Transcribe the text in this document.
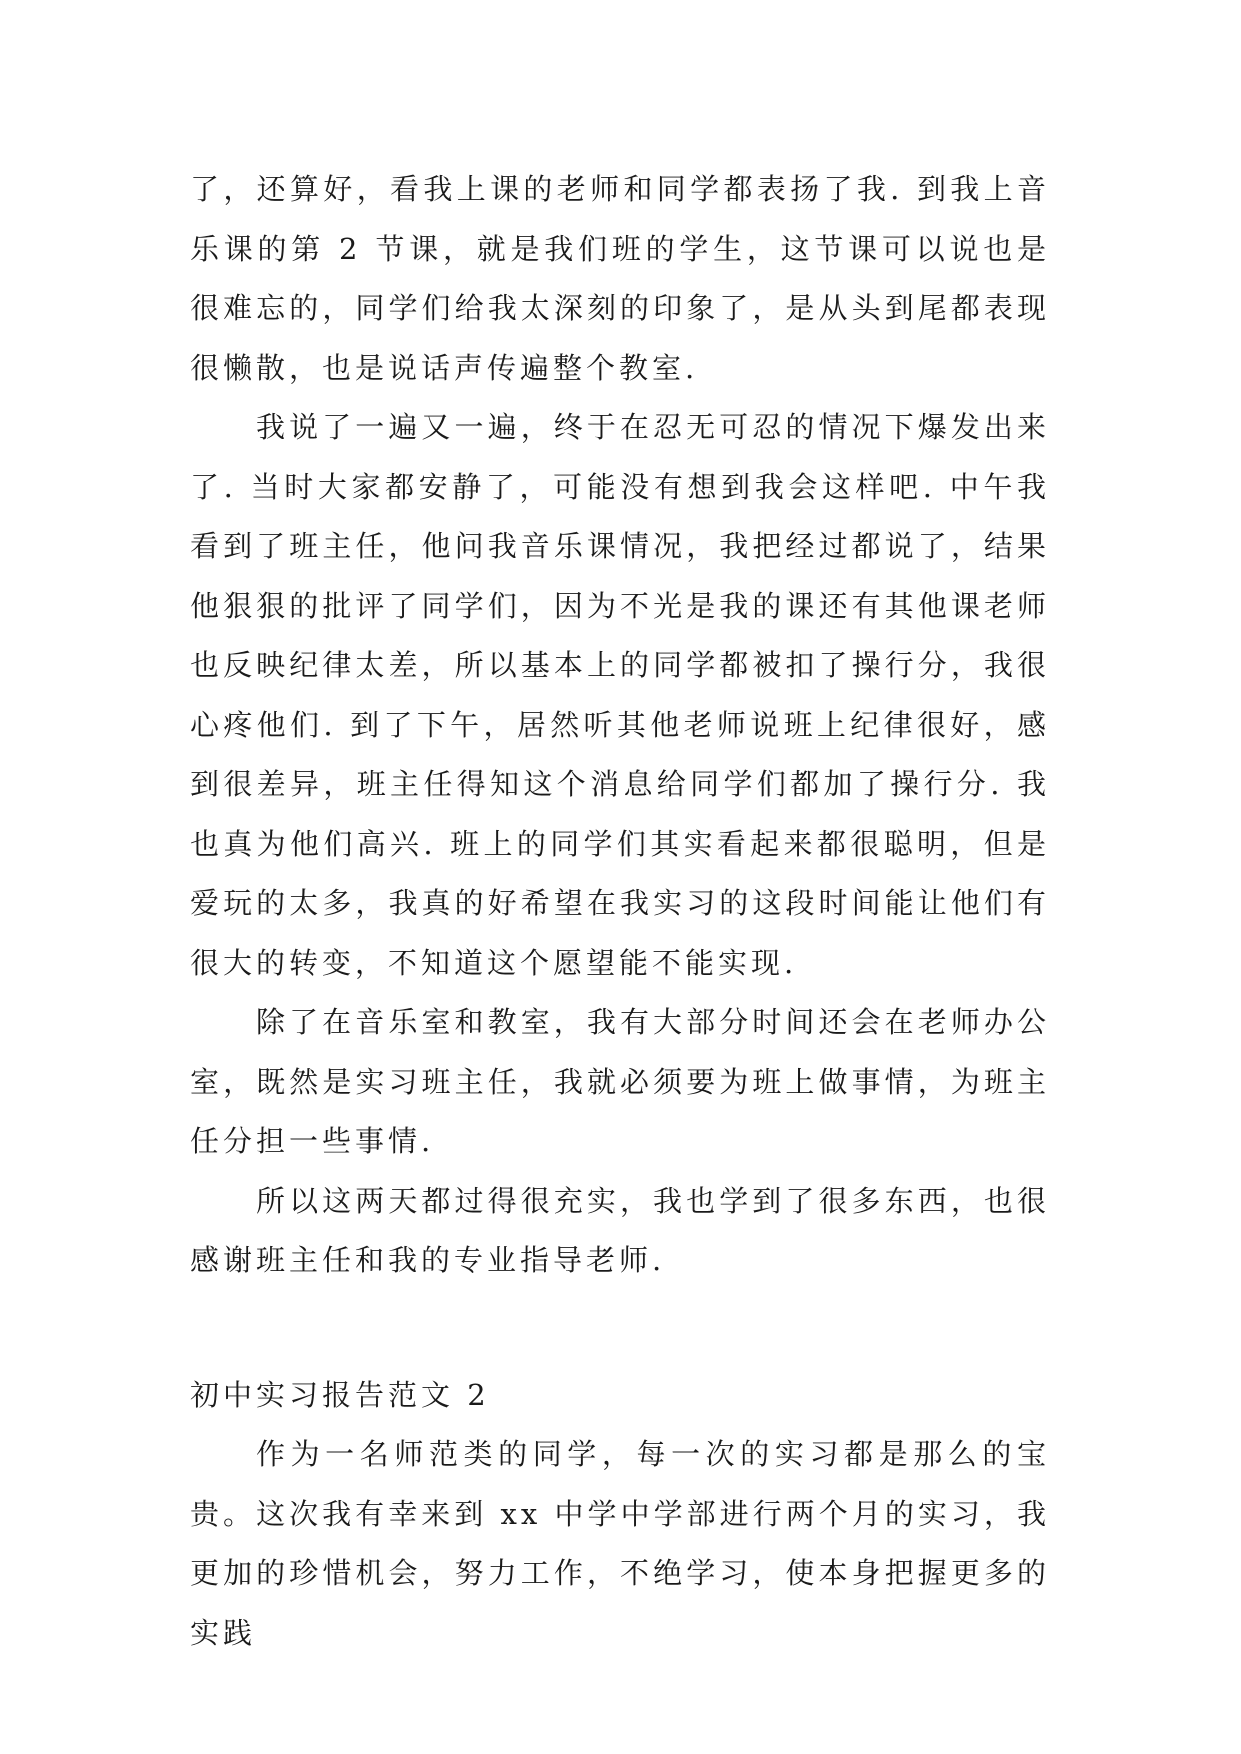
了，还算好，看我上课的老师和同学都表扬了我. 到我上音乐课的第 2 节课，就是我们班的学生，这节课可以说也是很难忘的，同学们给我太深刻的印象了，是从头到尾都表现很懒散，也是说话声传遍整个教室.

我说了一遍又一遍，终于在忍无可忍的情况下爆发出来了. 当时大家都安静了，可能没有想到我会这样吧. 中午我看到了班主任，他问我音乐课情况，我把经过都说了，结果他狠狠的批评了同学们，因为不光是我的课还有其他课老师也反映纪律太差，所以基本上的同学都被扣了操行分，我很心疼他们. 到了下午，居然听其他老师说班上纪律很好，感到很差异，班主任得知这个消息给同学们都加了操行分. 我也真为他们高兴. 班上的同学们其实看起来都很聪明，但是爱玩的太多，我真的好希望在我实习的这段时间能让他们有很大的转变，不知道这个愿望能不能实现.

除了在音乐室和教室，我有大部分时间还会在老师办公室，既然是实习班主任，我就必须要为班上做事情，为班主任分担一些事情.

所以这两天都过得很充实，我也学到了很多东西，也很感谢班主任和我的专业指导老师.

初中实习报告范文 2

作为一名师范类的同学，每一次的实习都是那么的宝贵。这次我有幸来到 xx 中学中学部进行两个月的实习，我更加的珍惜机会，努力工作，不绝学习，使本身把握更多的实践
